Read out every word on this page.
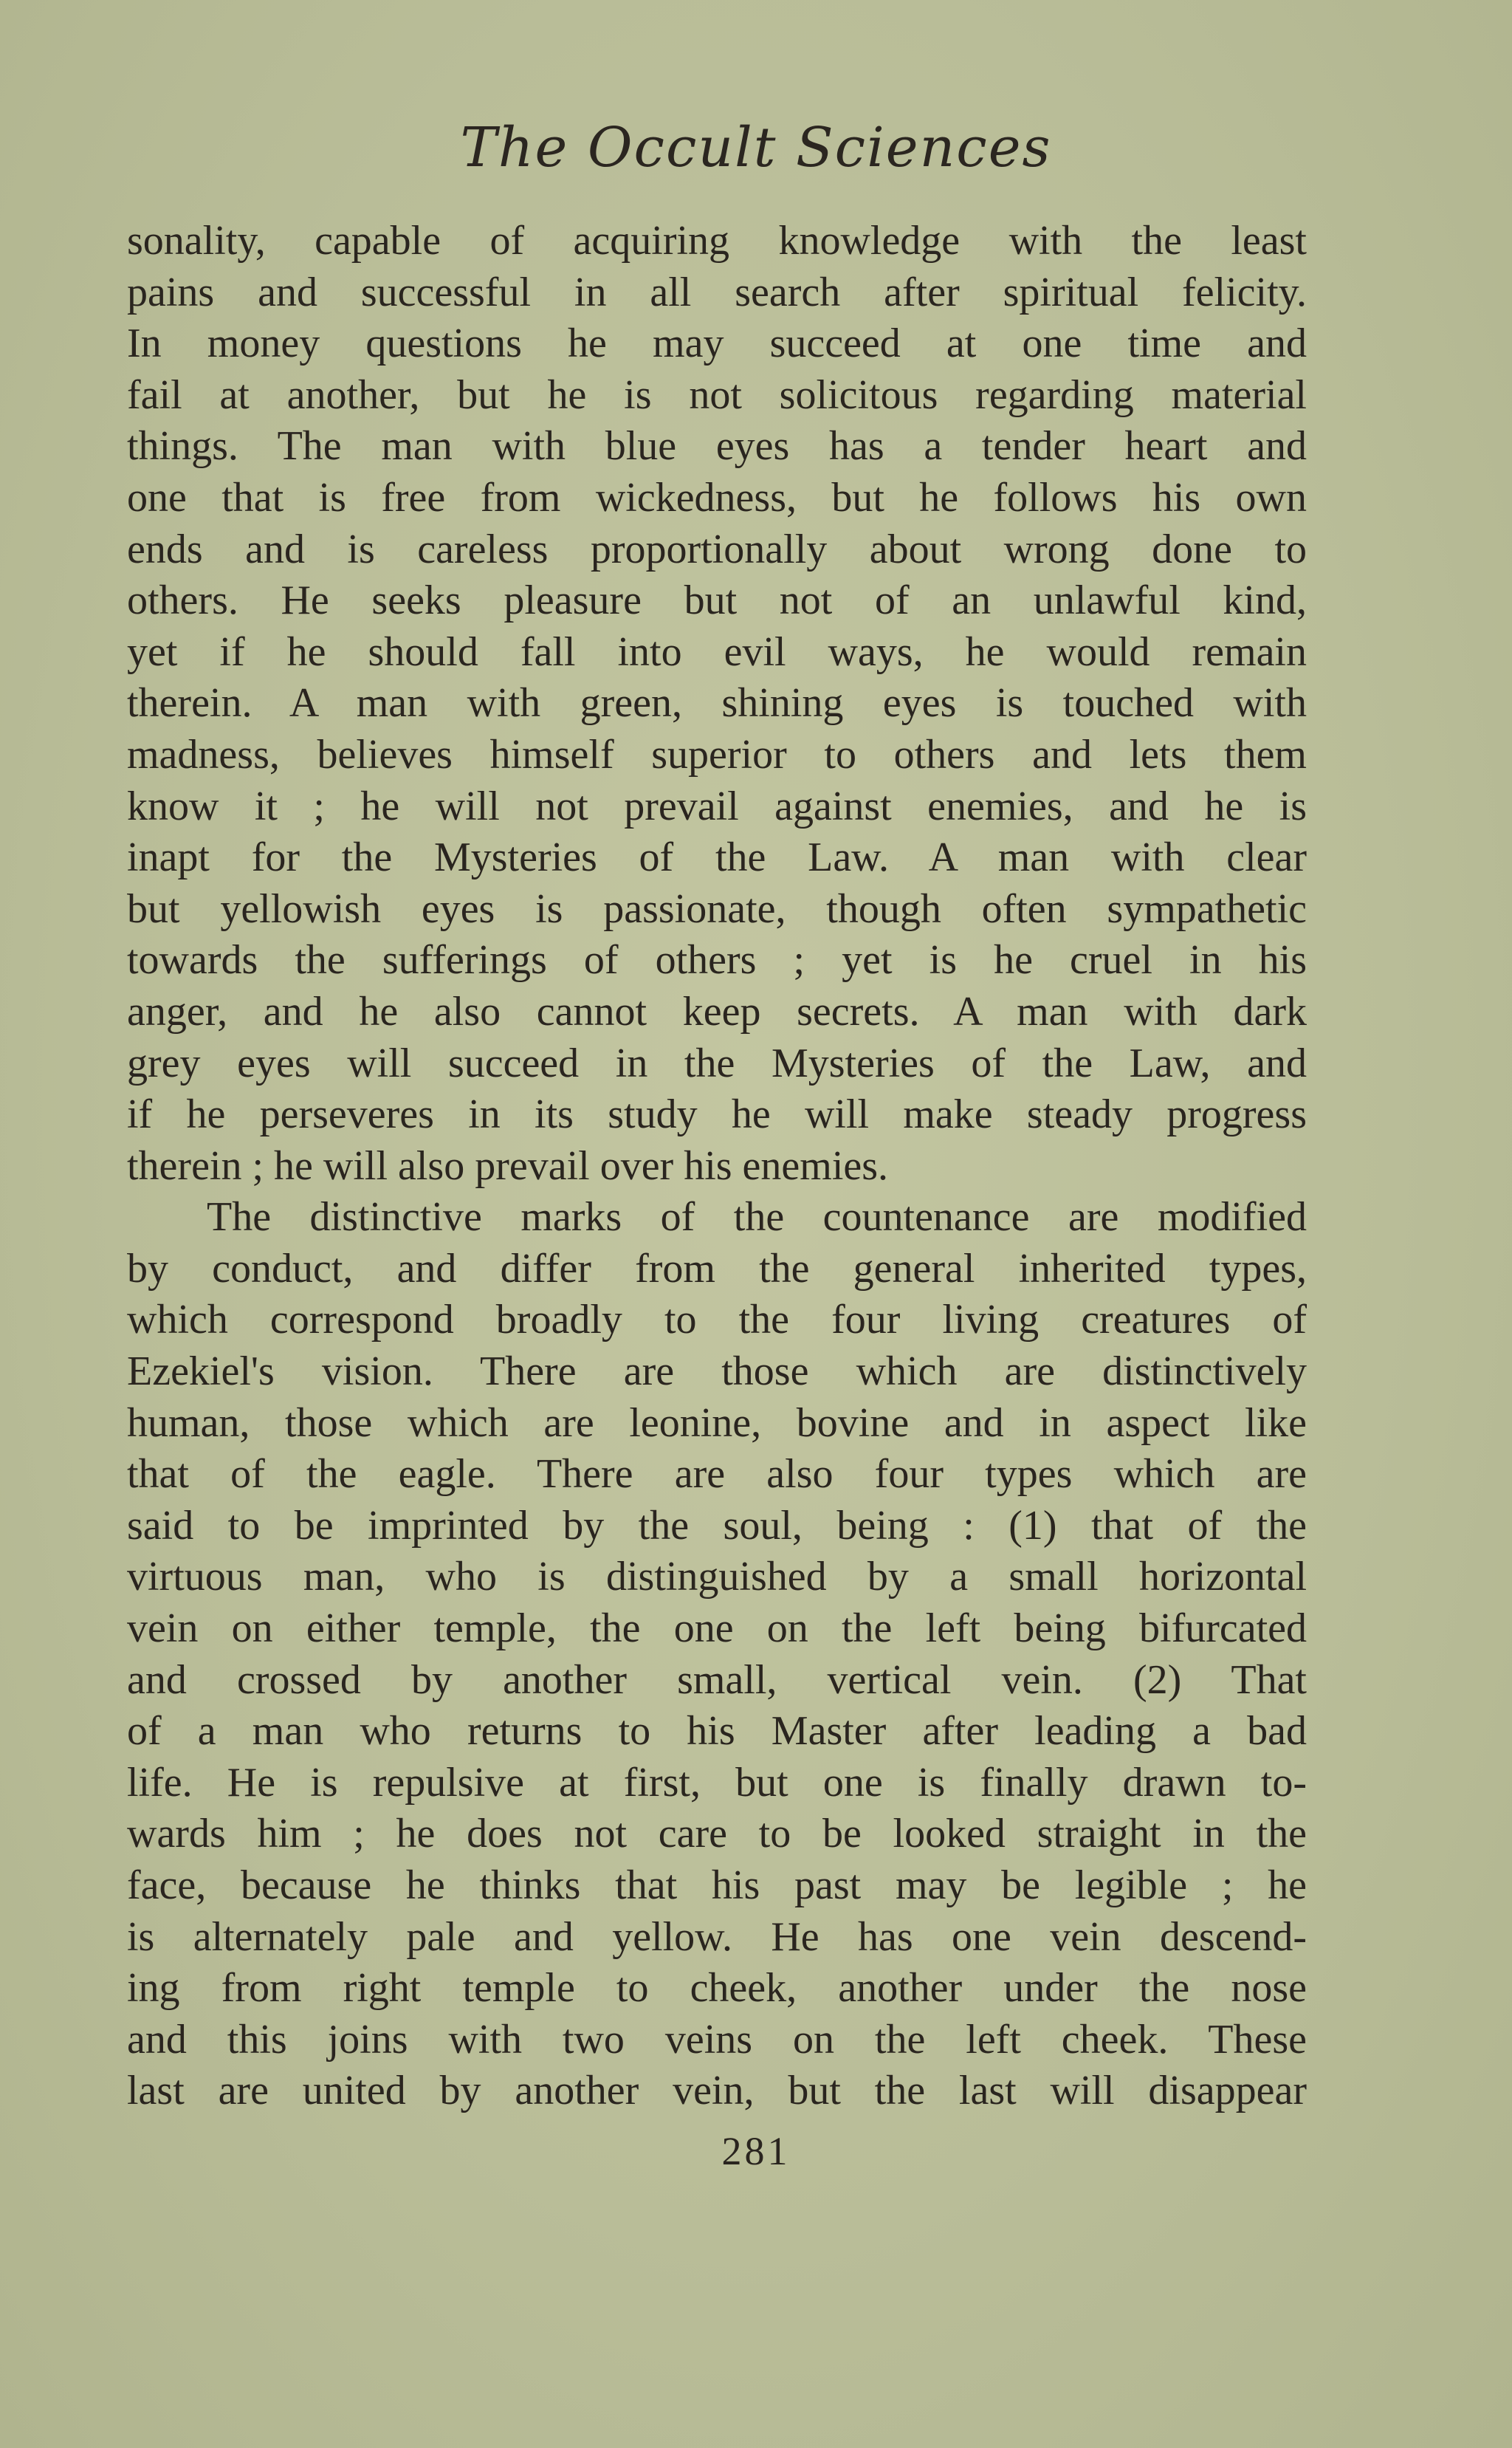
The Occult Sciences
sonality, capable of acquiring knowledge with the least
pains and successful in all search after spiritual felicity.
In money questions he may succeed at one time and
fail at another, but he is not solicitous regarding material
things. The man with blue eyes has a tender heart and
one that is free from wickedness, but he follows his own
ends and is careless proportionally about wrong done to
others. He seeks pleasure but not of an unlawful kind,
yet if he should fall into evil ways, he would remain
therein. A man with green, shining eyes is touched with
madness, believes himself superior to others and lets them
know it ; he will not prevail against enemies, and he is
inapt for the Mysteries of the Law. A man with clear
but yellowish eyes is passionate, though often sympathetic
towards the sufferings of others ; yet is he cruel in his
anger, and he also cannot keep secrets. A man with dark
grey eyes will succeed in the Mysteries of the Law, and
if he perseveres in its study he will make steady progress
therein ; he will also prevail over his enemies.
The distinctive marks of the countenance are modified
by conduct, and differ from the general inherited types,
which correspond broadly to the four living creatures of
Ezekiel's vision. There are those which are distinctively
human, those which are leonine, bovine and in aspect like
that of the eagle. There are also four types which are
said to be imprinted by the soul, being : (1) that of the
virtuous man, who is distinguished by a small horizontal
vein on either temple, the one on the left being bifurcated
and crossed by another small, vertical vein. (2) That
of a man who returns to his Master after leading a bad
life. He is repulsive at first, but one is finally drawn to-
wards him ; he does not care to be looked straight in the
face, because he thinks that his past may be legible ; he
is alternately pale and yellow. He has one vein descend-
ing from right temple to cheek, another under the nose
and this joins with two veins on the left cheek. These
last are united by another vein, but the last will disappear
281
